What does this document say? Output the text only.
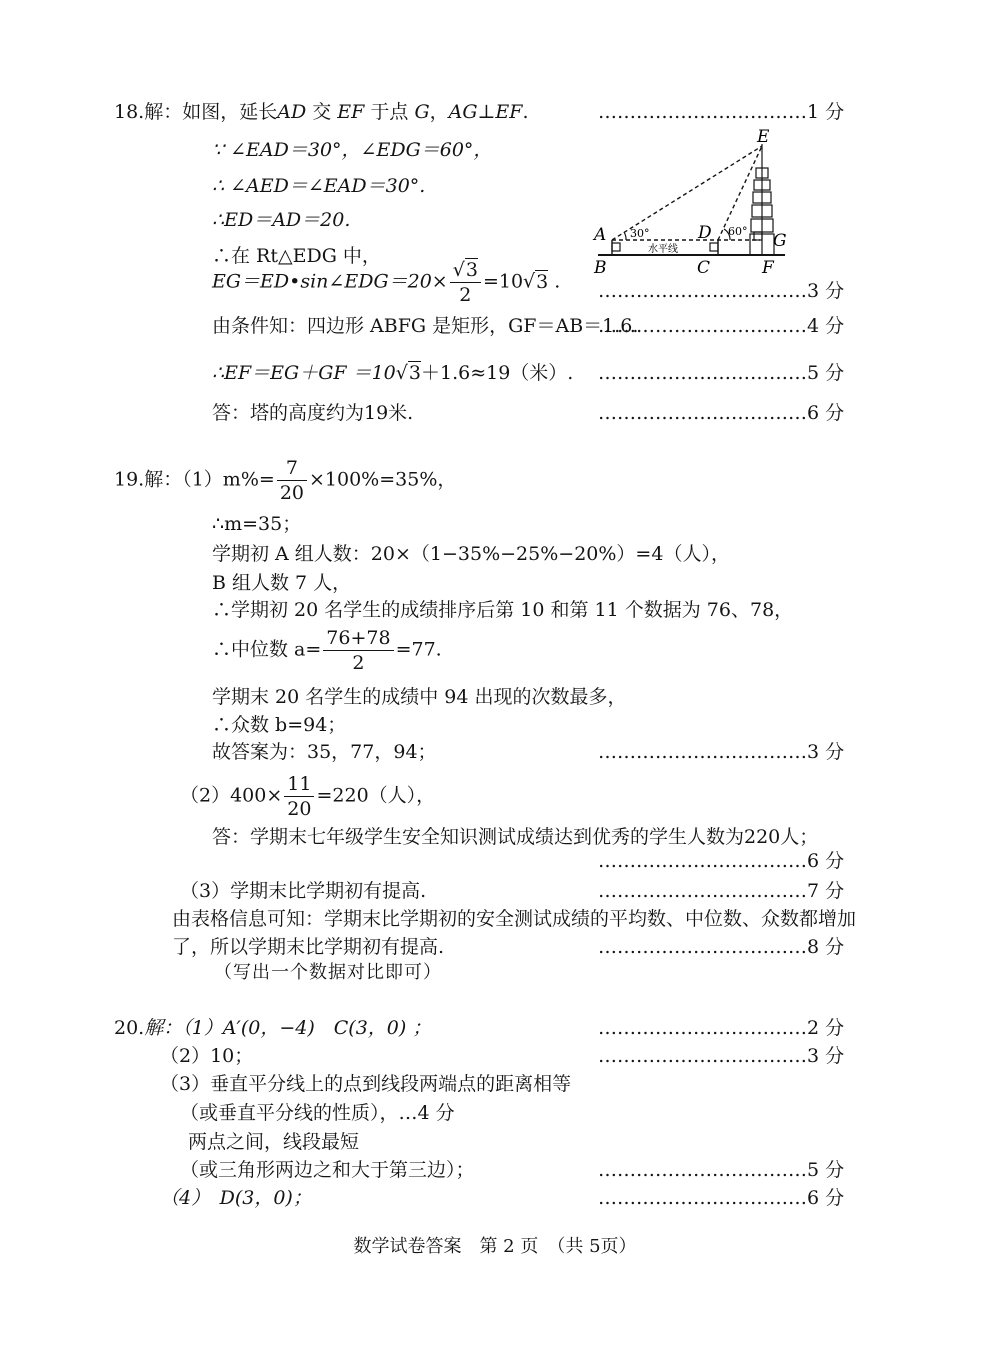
18.解：如图，延长AD 交 EF 于点 G，AG⊥EF.	……………………………1 分
∵ ∠EAD＝30°，∠EDG＝60°，
∴ ∠AED＝∠EAD＝30°.
∴ED＝AD＝20.
∴在 Rt△EDG 中，
EG＝ED•sin∠EDG＝20× $\frac{√3}{2} =10√3$ . ……………………………3 分
由条件知：四边形 ABFG 是矩形，GF＝AB＝1.6.
……………………………4 分
∴EF＝EG＋GF ＝10√3＋1.6≈19（米）. ……………………………5 分
答：塔的高度约为19米.	……………………………6 分
E
A	D	G
B	C	F
30°	60°
水平线
19.解：$(1)m\%= \frac{7}{20} \times 100\%=35\%$，
∴m=35；
学期初 A 组人数：20×（1−35%−25%−20%）=4（人），
B 组人数 7 人，
∴学期初 20 名学生的成绩排序后第 10 和第 11 个数据为 76、78，
∴中位数 $a= \frac{76+78}{2} =77$.
学期末 20 名学生的成绩中 94 出现的次数最多，
∴众数 b=94；
故答案为：35，77，94；	……………………………3 分
$(2)400\times \frac{11}{20} =220$（人），
答：学期末七年级学生安全知识测试成绩达到优秀的学生人数为220人；
……………………………6 分
（3）学期末比学期初有提高.	……………………………7 分
由表格信息可知：学期末比学期初的安全测试成绩的平均数、中位数、众数都增加
了，所以学期末比学期初有提高.	……………………………8 分
（写出一个数据对比即可）
20.解：（1）A′(0，−4)　C(3，0) ；	……………………………2 分
（2）10；	……………………………3 分
（3）垂直平分线上的点到线段两端点的距离相等
（或垂直平分线的性质），…4 分
两点之间，线段最短
（或三角形两边之和大于第三边）；	……………………………5 分
（4）　D(3，0)；	……………………………6 分
数学试卷答案　第 2 页　（共 5页）
